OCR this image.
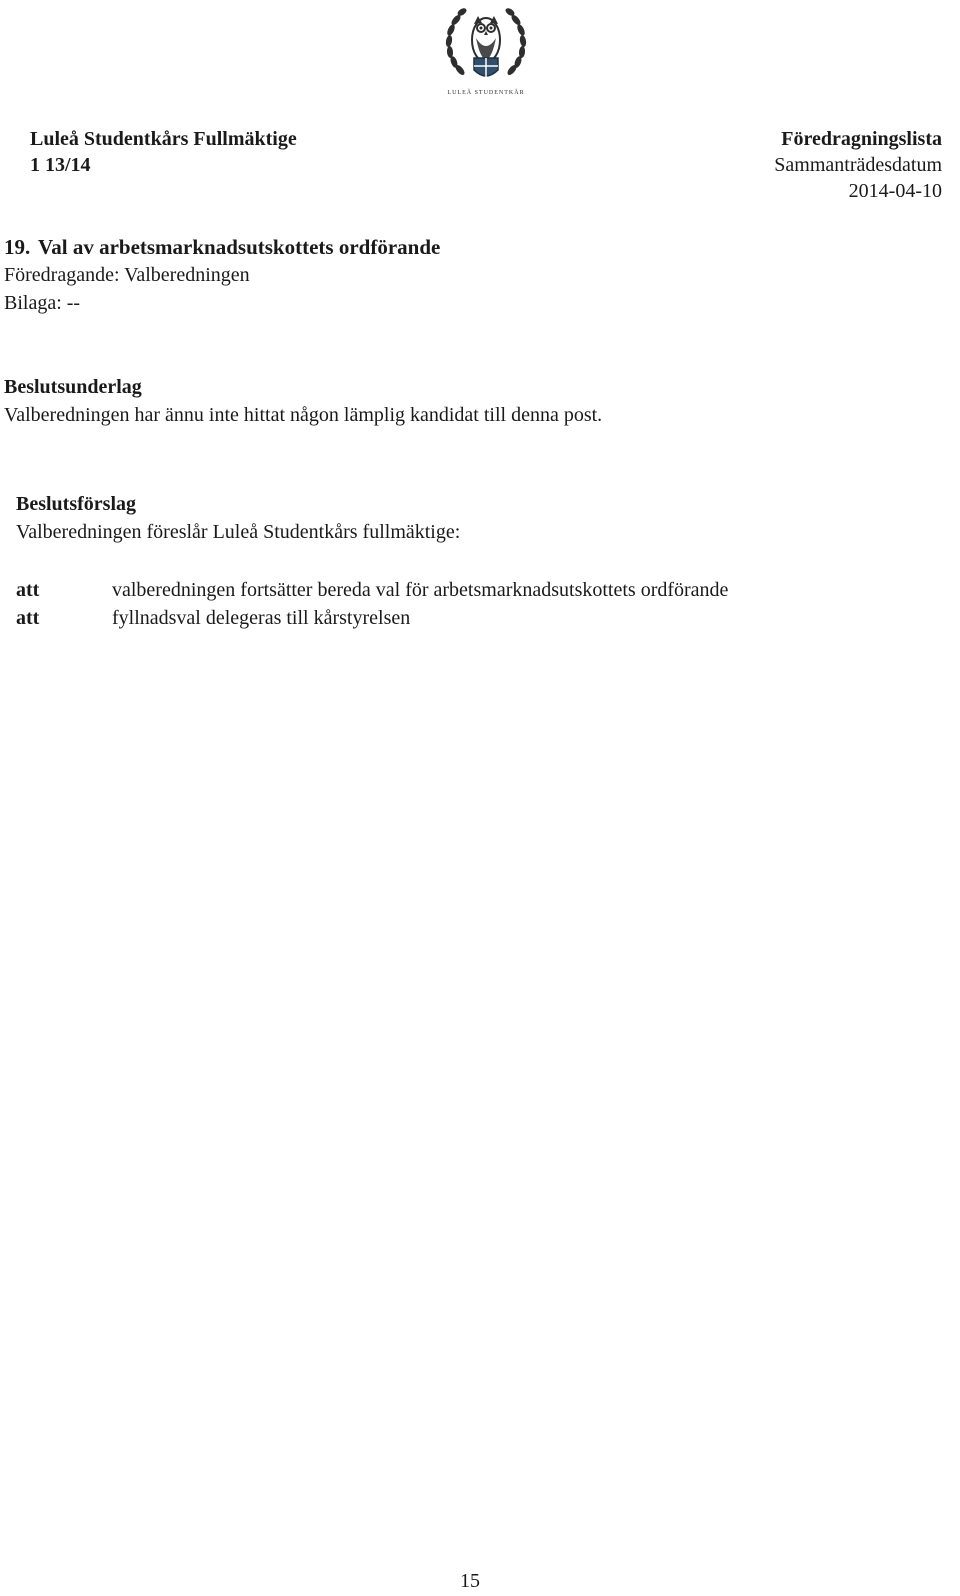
LULEÅ STUDENTKÅR
Luleå Studentkårs Fullmäktige
1 13/14
Föredragningslista
Sammanträdesdatum
2014-04-10
19. Val av arbetsmarknadsutskottets ordförande
Föredragande: Valberedningen
Bilaga: --
Beslutsunderlag
Valberedningen har ännu inte hittat någon lämplig kandidat till denna post.
Beslutsförslag
Valberedningen föreslår Luleå Studentkårs fullmäktige:
att	valberedningen fortsätter bereda val för arbetsmarknadsutskottets ordförande
att	fyllnadsval delegeras till kårstyrelsen
15
